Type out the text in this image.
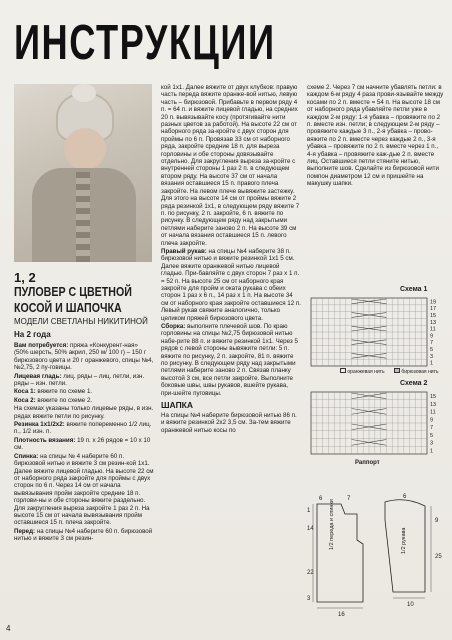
ИНСТРУКЦИИ
1, 2
ПУЛОВЕР С ЦВЕТНОЙ
КОСОЙ И ШАПОЧКА
МОДЕЛИ СВЕТЛАНЫ НИКИТИНОЙ
На 2 года

Вам потребуется: пряжа «Конкурент-ная» (50% шерсть, 50% акрил, 250 м/ 100 г) – 150 г бирюзового цвета и 20 г оранжевого, спицы №4, №2,75, 2 пу-говицы.

Лицевая гладь: лиц. ряды – лиц. петли, изн. ряды – изн. петли.

Коса 1: вяжите по схеме 1.

Коса 2: вяжите по схеме 2.

На схемах указаны только лицевые ряды, в изн. рядах вяжите петли по рисунку.

Резинка 1х1/2х2: вяжите попеременно 1/2 лиц. п., 1/2 изн. п.

Плотность вязания: 19 п. х 26 рядов = 10 х 10 см.

Спинка: на спицы № 4 наберите 60 п. бирюзовой нитью и вяжите 3 см резин-кой 1х1. Далее вяжите лицевой гладью. На высоте 22 см от наборного ряда закройте для проймы с двух сторон по 6 п. Через 14 см от начала вывязывания пройм закройте средние 18 п. горлови-ны и обе стороны вяжите раздельно. Для закругления выреза закройте 1 раз 2 п. На высоте 15 см от начала вывязывания пройм оставшиеся 15 п. плеча закройте.

Перед: на спицы №4 наберите 60 п. бирюзовой нитью и вяжите 3 см резин-

кой 1х1. Далее вяжите от двух клубков: правую часть переда вяжите оранже-вой нитью, левую часть – бирюзовой. Прибавьте в первом ряду 4 п. = 64 п. и вяжите лицевой гладью, на средних 20 п. вывязывайте косу (протягивайте нити разных цветов за работой). На высоте 22 см от наборного ряда за-кройте с двух сторон для проймы по 6 п. Провязав 33 см от наборного ряда, закройте средние 18 п. для выреза горловины и обе стороны довязывайте отдельно. Для закругления выреза за-кройте с внутренней стороны 1 раз 2 п. в следующем втором ряду. На высоте 37 см от начала вязания оставшиеся 15 п. правого плеча закройте. На левом плече вывяжите застежку. Для этого на высоте 14 см от проймы вяжите 2 ряда резинкой 1х1, в следующем ряду вяжите 7 п. по рисунку, 2 п. закройте, 6 п. вяжите по рисунку. В следующем ряду над закрытыми петлями наберите заново 2 п. На высоте 39 см от начала вязания оставшиеся 15 п. левого плеча закройте.

Правый рукав: на спицы №4 наберите 38 п. бирюзовой нитью и вяжите резинкой 1х1 5 см. Далее вяжите оранжевой нитью лицевой гладью. При-бавляйте с двух сторон 7 раз х 1 п. = 52 п. На высоте 25 см от наборного края закройте для пройм и оката рукава с обеих сторон 1 раз х 6 п., 14 раз х 1 п. На высоте 34 см от наборного края закройте оставшиеся 12 п. Левый рукав свяжите аналогично, только целиком пряжей бирюзового цвета.

Сборка: выполните плечевой шов. По краю горловины на спицы №2,75 бирюзовой нитью набе-рите 88 п. и вяжите резинкой 1х1. Через 5 рядов с левой стороны вывяжите петли: 5 п. вяжите по рисунку, 2 п. закройте, 81 п. вяжите по рисунку. В следующем ряду над закрытыми петлями наберите заново 2 п. Связав планку высотой 3 см, все петли закройте. Выполните боковые швы, швы рукавов, вшейте рукава, при-шейте пуговицы.

ШАПКА

На спицы №4 наберите бирюзовой нитью 86 п. и вяжите резинкой 2х2 3,5 см. За-тем вяжите оранжевой нитью косы по

схеме 2. Через 7 см начните убавлять петли: в каждом 6-м ряду 4 раза прови-язывайте между косами по 2 п. вместе = 54 п. На высоте 18 см от наборного ряда убавляйте петли уже в каждом 2-м ряду: 1-я убавка – провяжите по 2 п. вместе изн. петли; в следующем 2-м ряду – провяжите каждые 3 п., 2-я убавка – прово-вяжите по 2 п. вместе через каждые 2 п., 3-я убавка – провяжите по 2 п. вместе через 1 п., 4-я убавка – провяжите каж-дые 2 п. вместе лиц. Оставшиеся петли стяните нитью, выполните шов. Сделайте из бирюзовой нити помпон диаметром 12 см и пришейте на макушку шапки.

Схема 1
19
17
15
13
11
9
7
5
3
1
оранжевая нить	бирюзовая нить
Схема 2
15
13
11
9
7
5
3
1
Раппорт
6	7
1
14
22
3
9
25
1/2 переда и спинки	1/2 рукава
16
6
10
4
